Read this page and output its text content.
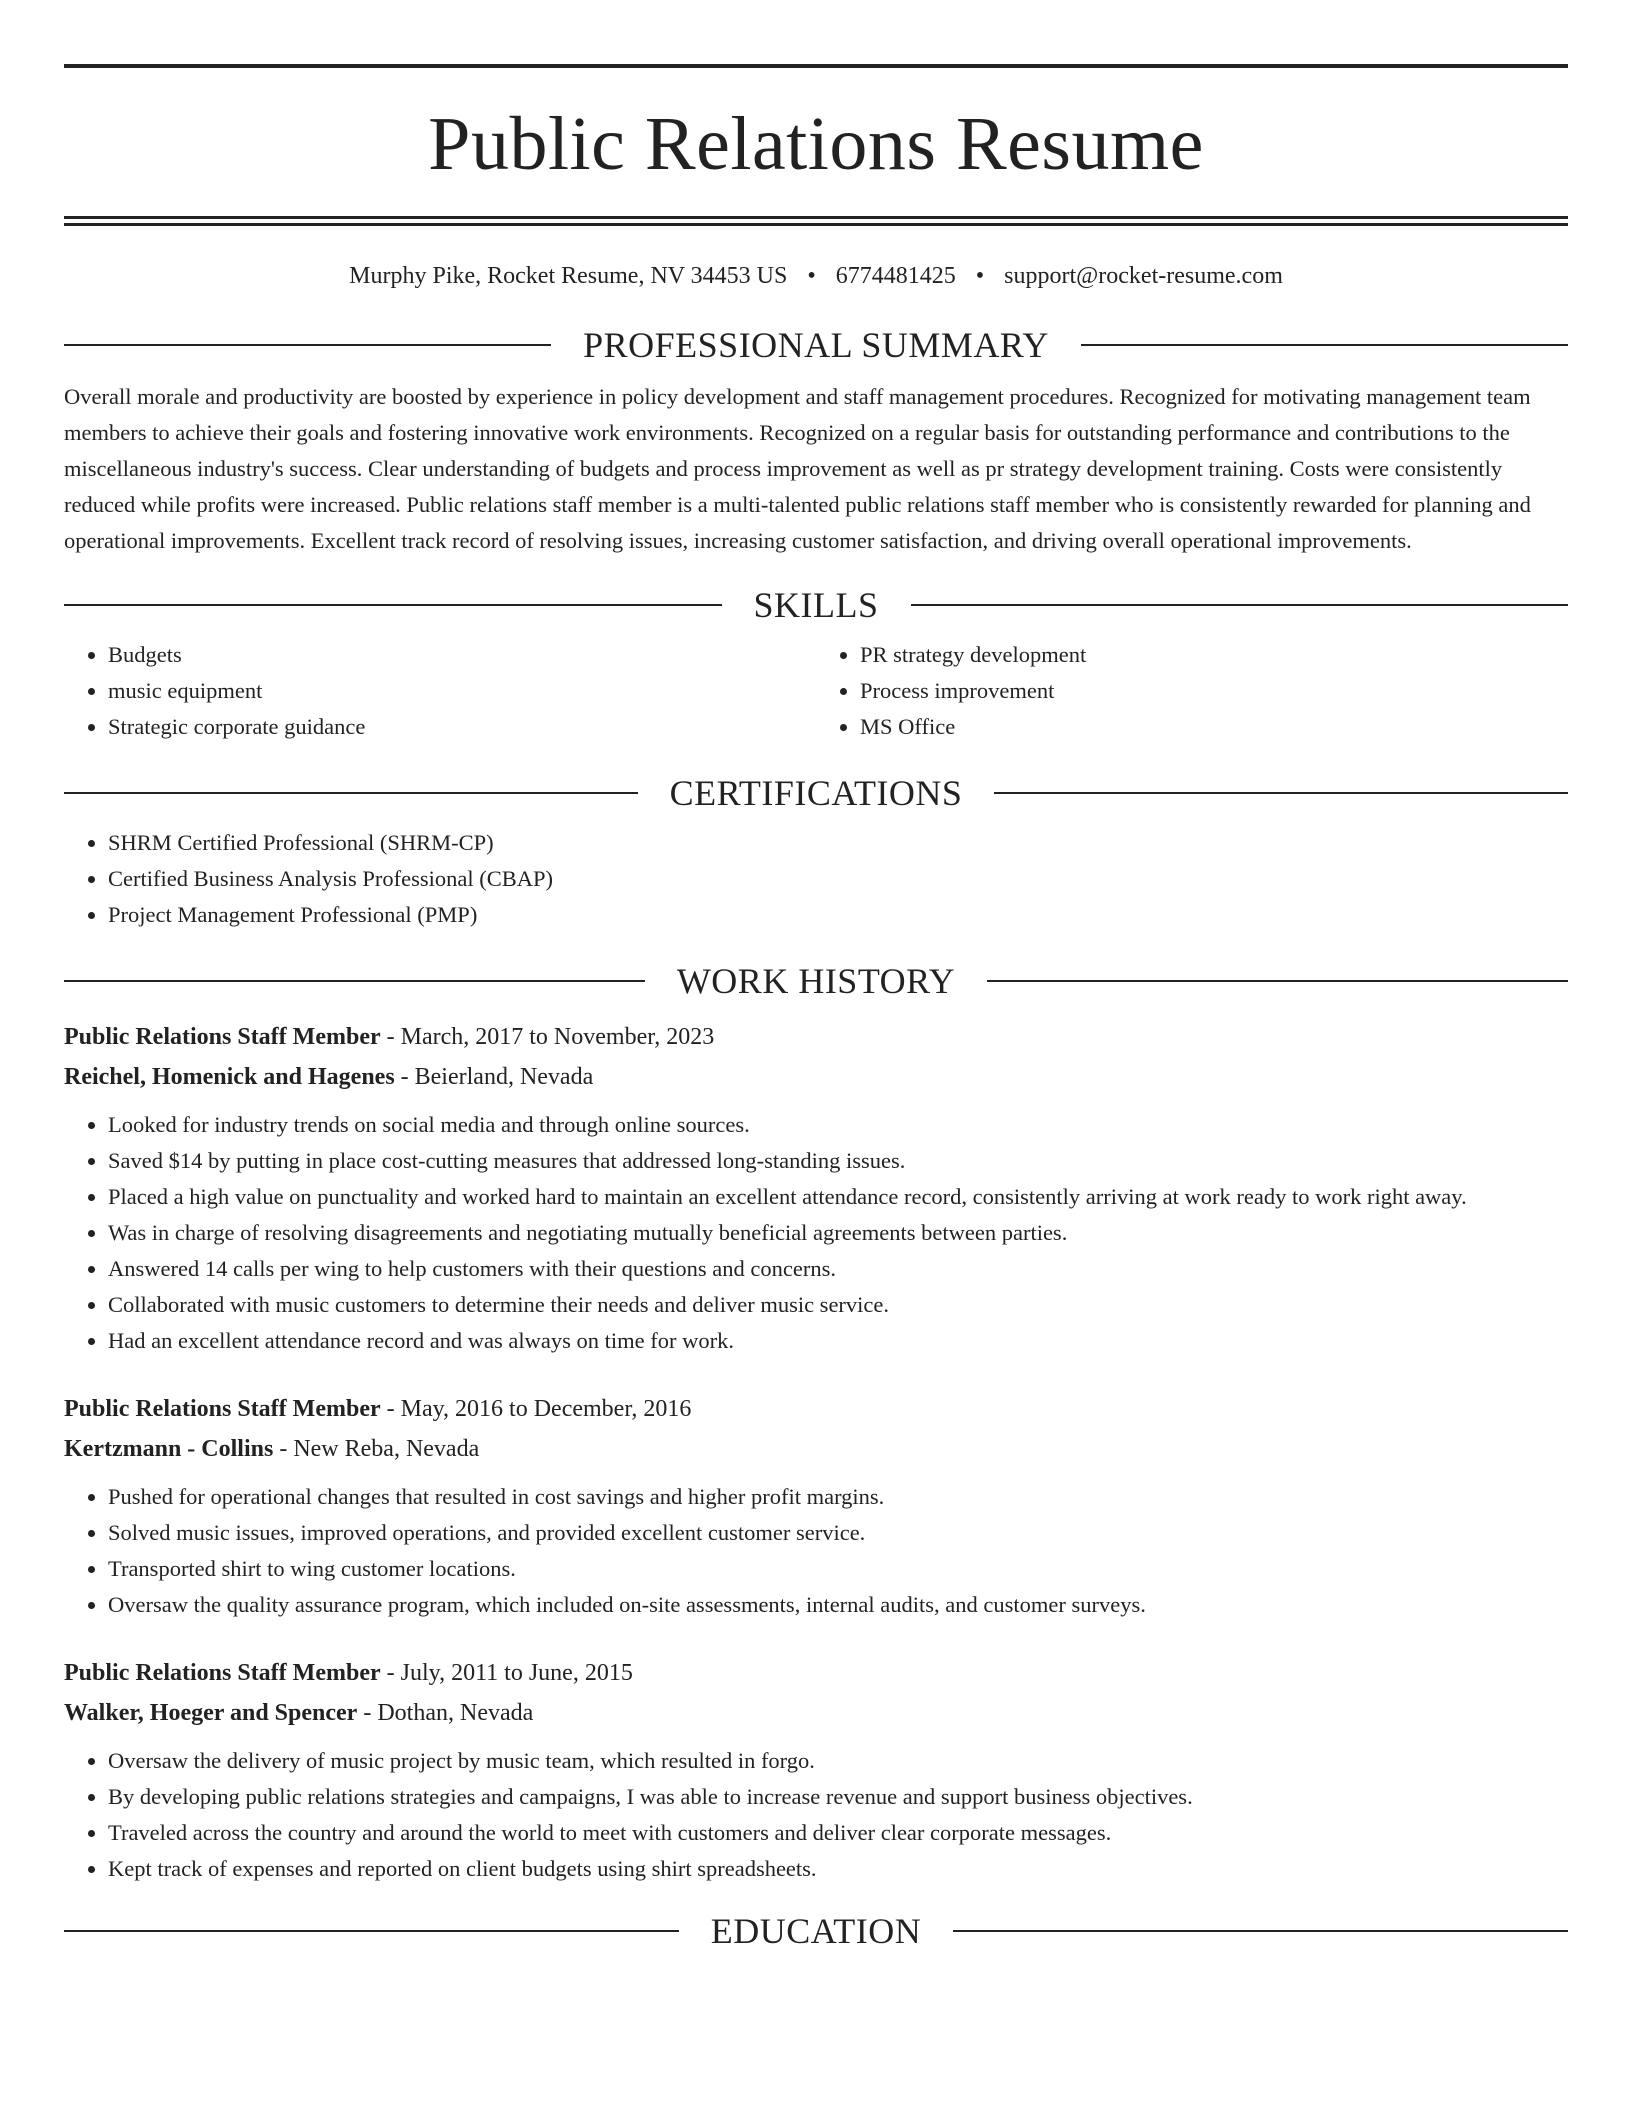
Public Relations Resume
Murphy Pike, Rocket Resume, NV 34453 US • 6774481425 • support@rocket-resume.com
PROFESSIONAL SUMMARY
Overall morale and productivity are boosted by experience in policy development and staff management procedures. Recognized for motivating management team members to achieve their goals and fostering innovative work environments. Recognized on a regular basis for outstanding performance and contributions to the miscellaneous industry's success. Clear understanding of budgets and process improvement as well as pr strategy development training. Costs were consistently reduced while profits were increased. Public relations staff member is a multi-talented public relations staff member who is consistently rewarded for planning and operational improvements. Excellent track record of resolving issues, increasing customer satisfaction, and driving overall operational improvements.
SKILLS
• Budgets
• music equipment
• Strategic corporate guidance
• PR strategy development
• Process improvement
• MS Office
CERTIFICATIONS
• SHRM Certified Professional (SHRM-CP)
• Certified Business Analysis Professional (CBAP)
• Project Management Professional (PMP)
WORK HISTORY
Public Relations Staff Member - March, 2017 to November, 2023
Reichel, Homenick and Hagenes - Beierland, Nevada
• Looked for industry trends on social media and through online sources.
• Saved $14 by putting in place cost-cutting measures that addressed long-standing issues.
• Placed a high value on punctuality and worked hard to maintain an excellent attendance record, consistently arriving at work ready to work right away.
• Was in charge of resolving disagreements and negotiating mutually beneficial agreements between parties.
• Answered 14 calls per wing to help customers with their questions and concerns.
• Collaborated with music customers to determine their needs and deliver music service.
• Had an excellent attendance record and was always on time for work.
Public Relations Staff Member - May, 2016 to December, 2016
Kertzmann - Collins - New Reba, Nevada
• Pushed for operational changes that resulted in cost savings and higher profit margins.
• Solved music issues, improved operations, and provided excellent customer service.
• Transported shirt to wing customer locations.
• Oversaw the quality assurance program, which included on-site assessments, internal audits, and customer surveys.
Public Relations Staff Member - July, 2011 to June, 2015
Walker, Hoeger and Spencer - Dothan, Nevada
• Oversaw the delivery of music project by music team, which resulted in forgo.
• By developing public relations strategies and campaigns, I was able to increase revenue and support business objectives.
• Traveled across the country and around the world to meet with customers and deliver clear corporate messages.
• Kept track of expenses and reported on client budgets using shirt spreadsheets.
EDUCATION
